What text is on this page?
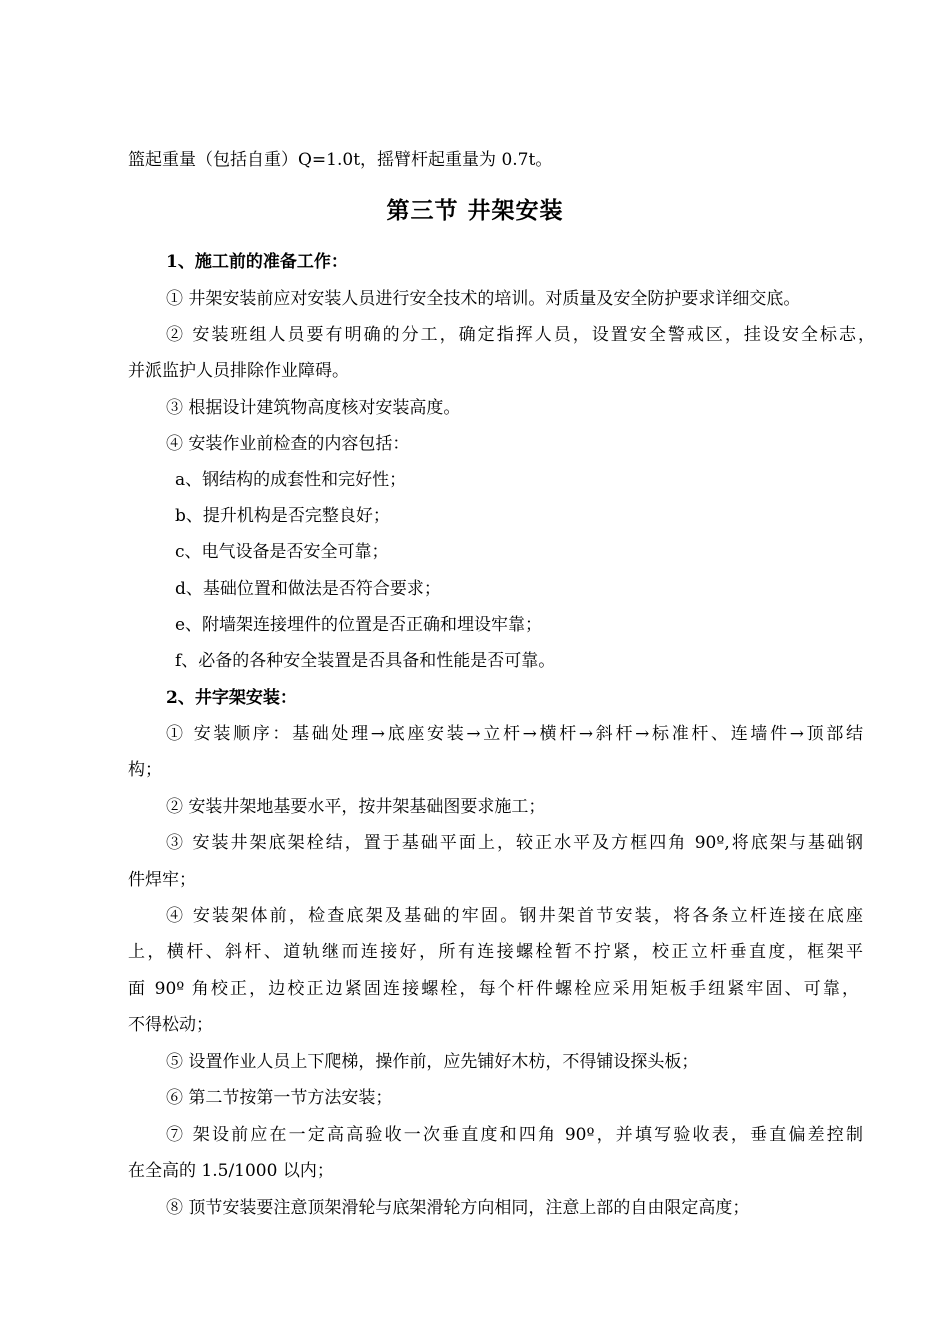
篮起重量（包括自重）Q=1.0t，摇臂杆起重量为 0.7t。
第三节 井架安装
1、施工前的准备工作：
① 井架安装前应对安装人员进行安全技术的培训。对质量及安全防护要求详细交底。
② 安装班组人员要有明确的分工，确定指挥人员，设置安全警戒区，挂设安全标志，
并派监护人员排除作业障碍。
③ 根据设计建筑物高度核对安装高度。
④ 安装作业前检查的内容包括：
a、钢结构的成套性和完好性；
b、提升机构是否完整良好；
c、电气设备是否安全可靠；
d、基础位置和做法是否符合要求；
e、附墙架连接埋件的位置是否正确和埋设牢靠；
f、必备的各种安全装置是否具备和性能是否可靠。
2、井字架安装：
① 安装顺序：基础处理→底座安装→立杆→横杆→斜杆→标准杆、连墙件→顶部结
构；
② 安装井架地基要水平，按井架基础图要求施工；
③ 安装井架底架栓结，置于基础平面上，较正水平及方框四角 90º,将底架与基础钢
件焊牢；
④ 安装架体前，检查底架及基础的牢固。钢井架首节安装，将各条立杆连接在底座
上，横杆、斜杆、道轨继而连接好，所有连接螺栓暂不拧紧，校正立杆垂直度，框架平
面 90º 角校正，边校正边紧固连接螺栓，每个杆件螺栓应采用矩板手纽紧牢固、可靠，
不得松动；
⑤ 设置作业人员上下爬梯，操作前，应先铺好木枋，不得铺设探头板；
⑥ 第二节按第一节方法安装；
⑦ 架设前应在一定高高验收一次垂直度和四角 90º，并填写验收表，垂直偏差控制
在全高的 1.5/1000 以内；
⑧ 顶节安装要注意顶架滑轮与底架滑轮方向相同，注意上部的自由限定高度；
